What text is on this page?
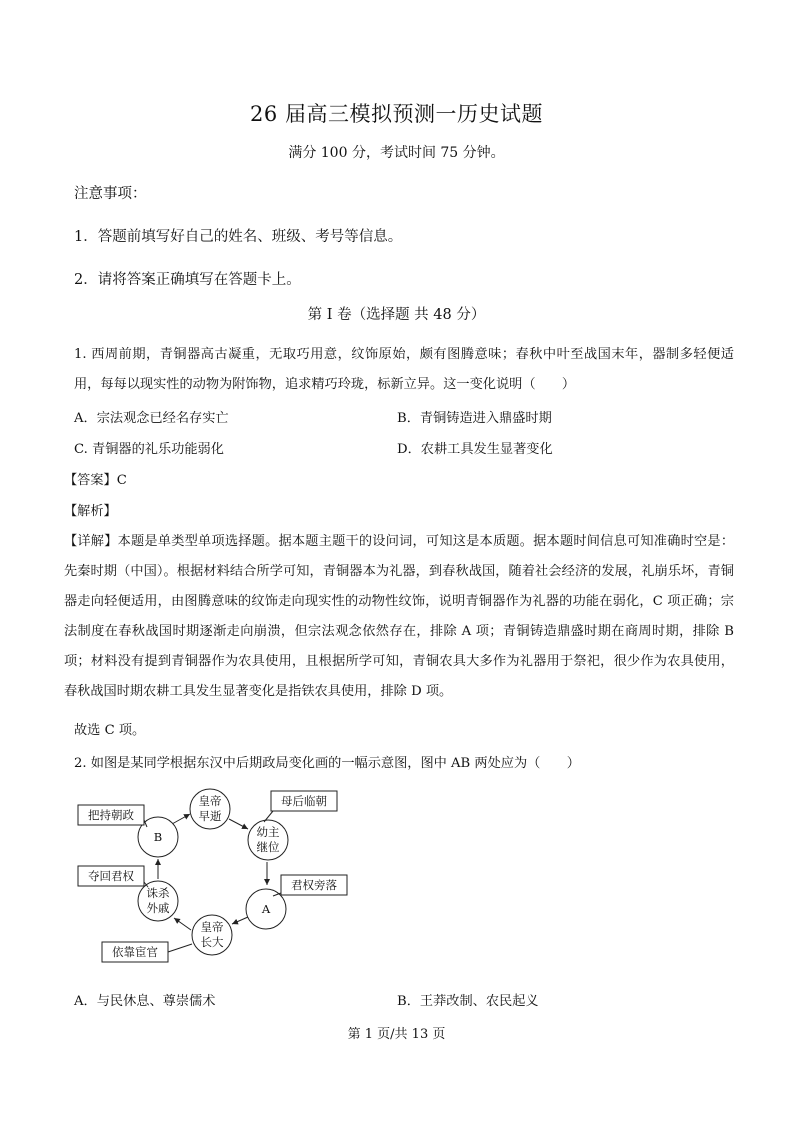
26 届高三模拟预测一历史试题
满分 100 分，考试时间 75 分钟。
注意事项：
1．答题前填写好自己的姓名、班级、考号等信息。
2．请将答案正确填写在答题卡上。
第 I 卷（选择题 共 48 分）
1. 西周前期，青铜器高古凝重，无取巧用意，纹饰原始，颇有图腾意味；春秋中叶至战国末年，器制多轻便适用，每每以现实性的动物为附饰物，追求精巧玲珑，标新立异。这一变化说明（　　）
A．宗法观念已经名存实亡	B．青铜铸造进入鼎盛时期
C. 青铜器的礼乐功能弱化	D．农耕工具发生显著变化
【答案】C
【解析】
【详解】本题是单类型单项选择题。据本题主题干的设问词，可知这是本质题。据本题时间信息可知准确时空是：先秦时期（中国）。根据材料结合所学可知，青铜器本为礼器，到春秋战国，随着社会经济的发展，礼崩乐坏，青铜器走向轻便适用，由图腾意味的纹饰走向现实性的动物性纹饰，说明青铜器作为礼器的功能在弱化，C 项正确；宗法制度在春秋战国时期逐渐走向崩溃，但宗法观念依然存在，排除 A 项；青铜铸造鼎盛时期在商周时期，排除 B 项；材料没有提到青铜器作为农具使用，且根据所学可知，青铜农具大多作为礼器用于祭祀，很少作为农具使用，春秋战国时期农耕工具发生显著变化是指铁农具使用，排除 D 项。
故选 C 项。
2. 如图是某同学根据东汉中后期政局变化画的一幅示意图，图中 AB 两处应为（　　）
皇帝
早逝
幼主
继位
A
皇帝
长大
诛杀
外戚
B
母后临朝
君权旁落
依靠宦官
夺回君权
把持朝政
A．与民休息、尊崇儒术	B．王莽改制、农民起义
第 1 页/共 13 页
